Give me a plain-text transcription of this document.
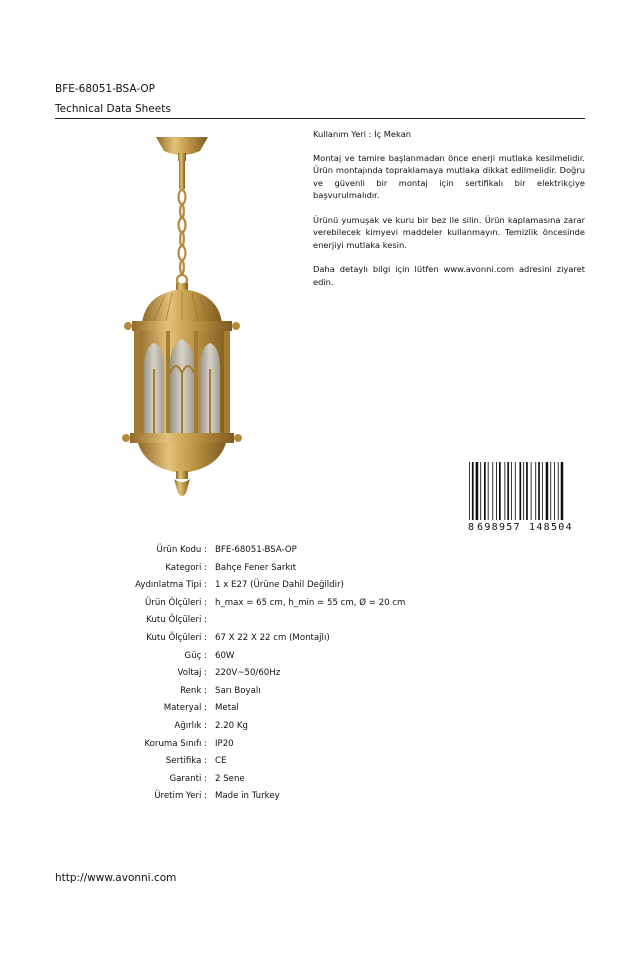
BFE-68051-BSA-OP
Technical Data Sheets

Kullanım Yeri : İç Mekan

Montaj ve tamire başlanmadan önce enerji mutlaka kesilmelidir. Ürün montajında topraklamaya mutlaka dikkat edilmelidir. Doğru ve güvenli bir montaj için sertifikalı bir elektrikçiye başvurulmalıdır.

Ürünü yumuşak ve kuru bir bez ile silin. Ürün kaplamasına zarar verebilecek kimyevi maddeler kullanmayın. Temizlik öncesinde enerjiyi mutlaka kesin.

Daha detaylı bilgi için lütfen www.avonni.com adresini ziyaret edin.

8 698957 148504
Ürün Kodu : BFE-68051-BSA-OP
Kategori : Bahçe Fener Sarkıt
Aydınlatma Tipi : 1 x E27 (Ürüne Dahil Değildir)
Ürün Ölçüleri : h_max = 65 cm, h_min = 55 cm, Ø = 20 cm
Kutu Ölçüleri :
Kutu Ölçüleri : 67 X 22 X 22 cm (Montajlı)
Güç : 60W
Voltaj : 220V~50/60Hz
Renk : Sarı Boyalı
Materyal : Metal
Ağırlık : 2.20 Kg
Koruma Sınıfı : IP20
Sertifika : CE
Garanti : 2 Sene
Üretim Yeri : Made in Turkey
http://www.avonni.com
